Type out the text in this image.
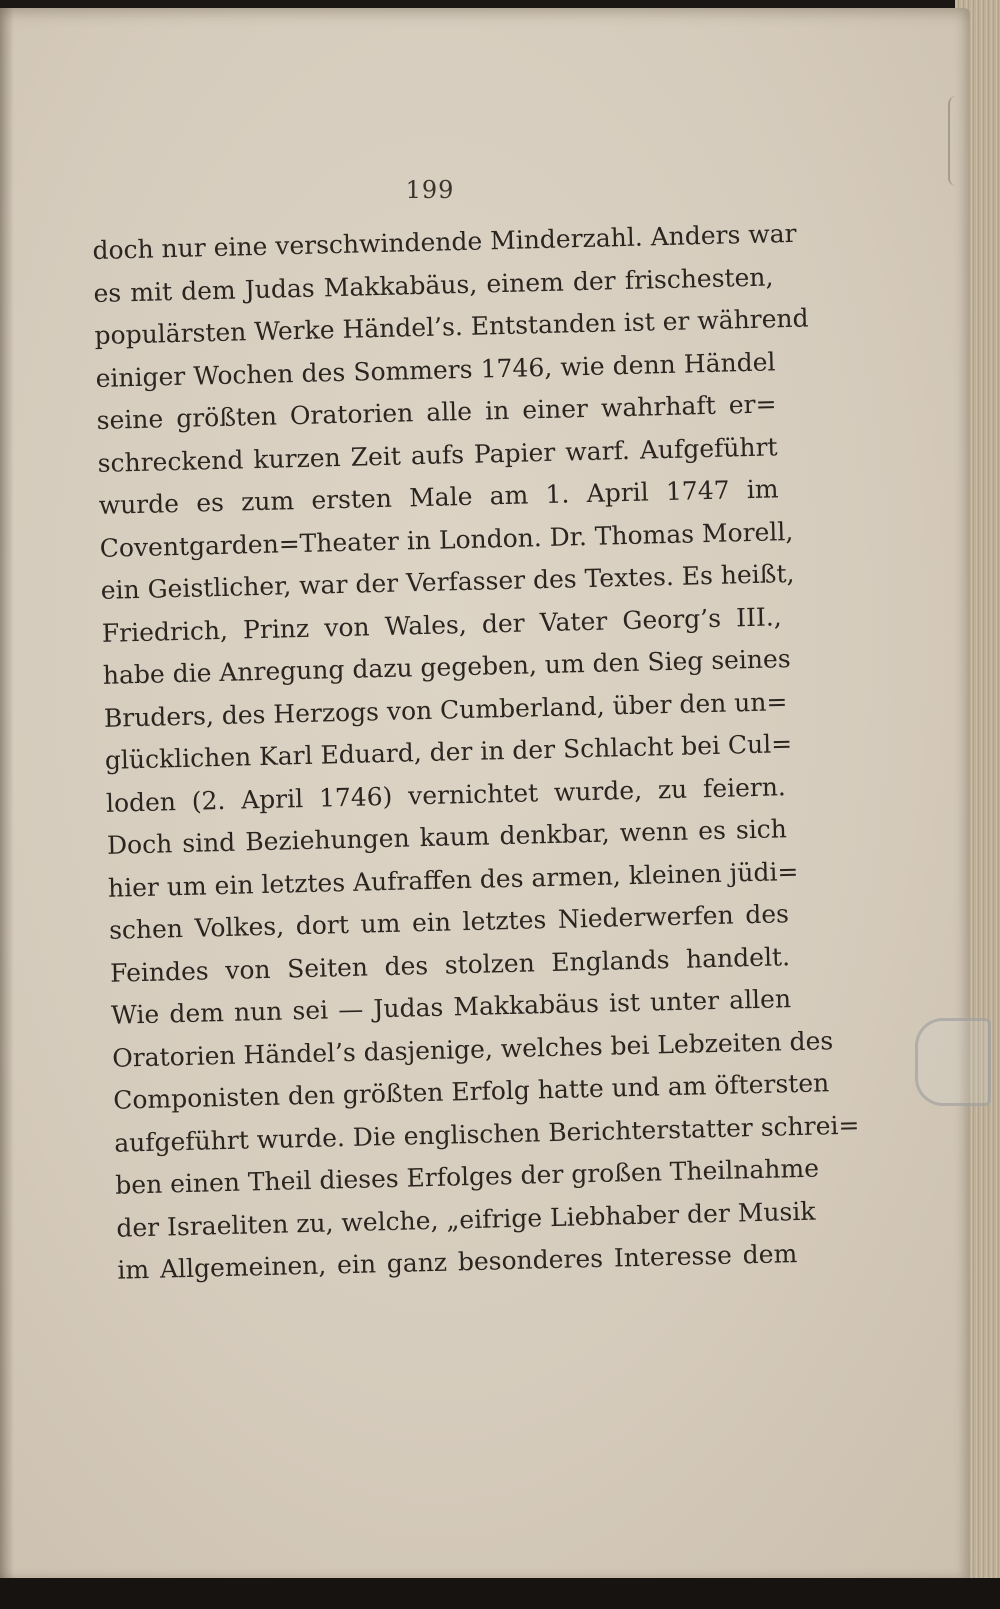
199
doch nur eine verschwindende Minderzahl. Anders war
es mit dem Judas Makkabäus, einem der frischesten,
populärsten Werke Händel’s. Entstanden ist er während
einiger Wochen des Sommers 1746, wie denn Händel
seine größten Oratorien alle in einer wahrhaft er=
schreckend kurzen Zeit aufs Papier warf. Aufgeführt
wurde es zum ersten Male am 1. April 1747 im
Coventgarden=Theater in London. Dr. Thomas Morell,
ein Geistlicher, war der Verfasser des Textes. Es heißt,
Friedrich, Prinz von Wales, der Vater Georg’s III.,
habe die Anregung dazu gegeben, um den Sieg seines
Bruders, des Herzogs von Cumberland, über den un=
glücklichen Karl Eduard, der in der Schlacht bei Cul=
loden (2. April 1746) vernichtet wurde, zu feiern.
Doch sind Beziehungen kaum denkbar, wenn es sich
hier um ein letztes Aufraffen des armen, kleinen jüdi=
schen Volkes, dort um ein letztes Niederwerfen des
Feindes von Seiten des stolzen Englands handelt.
Wie dem nun sei — Judas Makkabäus ist unter allen
Oratorien Händel’s dasjenige, welches bei Lebzeiten des
Componisten den größten Erfolg hatte und am öftersten
aufgeführt wurde. Die englischen Berichterstatter schrei=
ben einen Theil dieses Erfolges der großen Theilnahme
der Israeliten zu, welche, „eifrige Liebhaber der Musik
im Allgemeinen, ein ganz besonderes Interesse dem
